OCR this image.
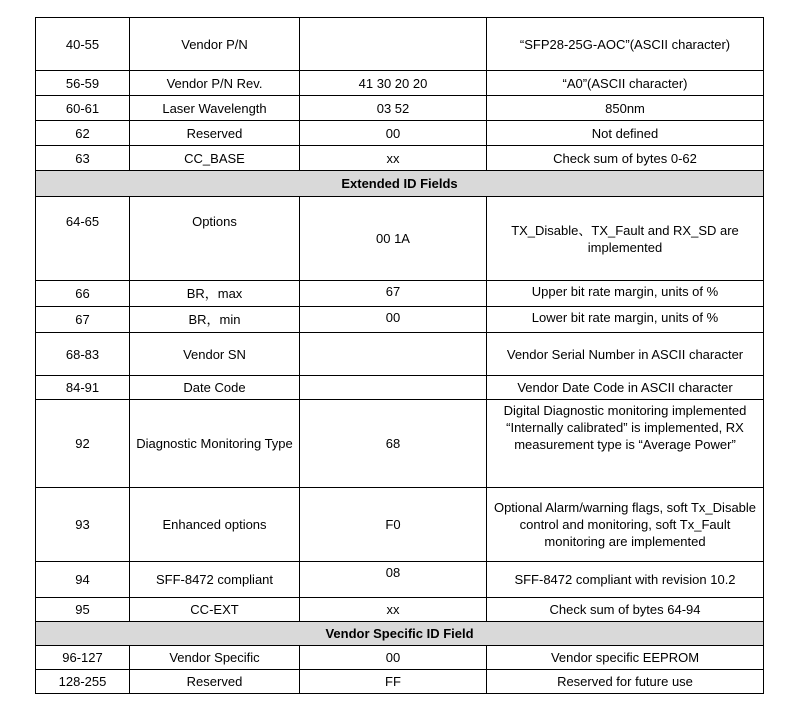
40-55	Vendor P/N		“SFP28-25G-AOC”(ASCII character)
56-59	Vendor P/N Rev.	41 30 20 20	“A0”(ASCII character)
60-61	Laser Wavelength	03 52	850nm
62	Reserved	00	Not defined
63	CC_BASE	xx	Check sum of bytes 0-62
Extended ID Fields			
64-65	Options	00 1A	TX_Disable、TX_Fault and RX_SD are implemented
66	BR，max	67	Upper bit rate margin, units of %
67	BR，min	00	Lower bit rate margin, units of %
68-83	Vendor SN		Vendor Serial Number in ASCII character
84-91	Date Code		Vendor Date Code in ASCII character
92	Diagnostic Monitoring Type	68	Digital Diagnostic monitoring implemented “Internally calibrated” is implemented, RX measurement type is “Average Power”
93	Enhanced options	F0	Optional Alarm/warning flags, soft Tx_Disable control and monitoring, soft Tx_Fault monitoring are implemented
94	SFF-8472 compliant	08	SFF-8472 compliant with revision 10.2
95	CC-EXT	xx	Check sum of bytes 64-94
Vendor Specific ID Field			
96-127	Vendor Specific	00	Vendor specific EEPROM
128-255	Reserved	FF	Reserved for future use
